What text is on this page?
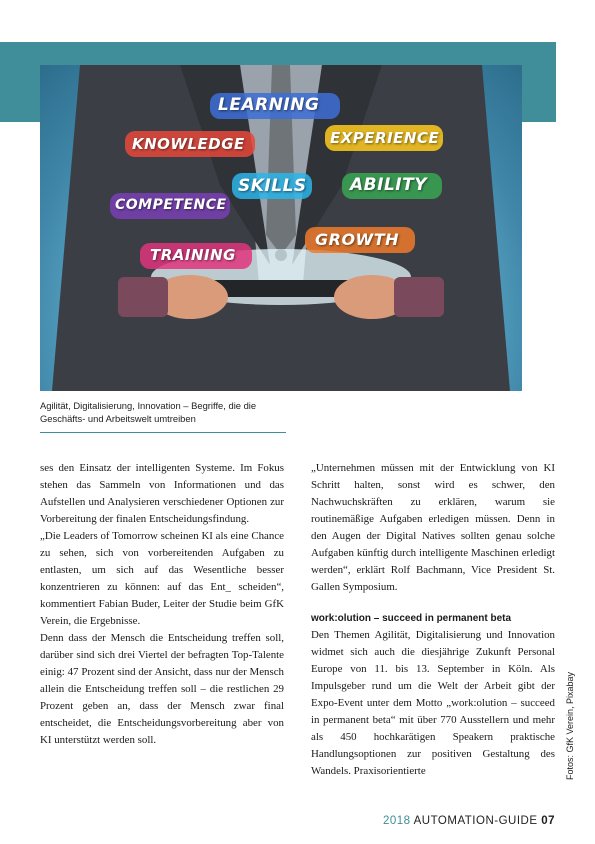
LEARNING
KNOWLEDGE	EXPERIENCE
SKILLS	ABILITY
COMPETENCE
TRAINING
GROWTH
Agilität, Digitalisierung, Innovation – Begriffe, die die Geschäfts- und Arbeitswelt umtreiben

ses den Einsatz der intelligenten Systeme. Im Fokus stehen das Sammeln von Informationen und das Aufstellen und Analysieren verschiedener Optionen zur Vorbereitung der finalen Entscheidungsfindung.

„Die Leaders of Tomorrow scheinen KI als eine Chance zu sehen, sich von vorbereitenden Aufgaben zu entlasten, um sich auf das Wesentliche besser konzentrieren zu können: auf das Ent_ scheiden“, kommentiert Fabian Buder, Leiter der Studie beim GfK Verein, die Ergebnisse.

Denn dass der Mensch die Entscheidung treffen soll, darüber sind sich drei Viertel der befragten Top-Talente einig: 47 Prozent sind der Ansicht, dass nur der Mensch allein die Entscheidung treffen soll – die restlichen 29 Prozent geben an, dass der Mensch zwar final entscheidet, die Entscheidungsvorbereitung aber von KI unterstützt werden soll.

„Unternehmen müssen mit der Entwicklung von KI Schritt halten, sonst wird es schwer, den Nachwuchskräften zu erklären, warum sie routinemäßige Aufgaben erledigen müssen. Denn in den Augen der Digital Natives sollten genau solche Aufgaben künftig durch intelligente Maschinen erledigt werden“, erklärt Rolf Bachmann, Vice President St. Gallen Symposium.

work:olution – succeed in permanent beta

Den Themen Agilität, Digitalisierung und Innovation widmet sich auch die diesjährige Zukunft Personal Europe von 11. bis 13. September in Köln. Als Impulsgeber rund um die Welt der Arbeit gibt der Expo-Event unter dem Motto „work:olution – succeed in permanent beta“ mit über 770 Ausstellern und mehr als 450 hochkarätigen Speakern praktische Handlungsoptionen zur positiven Gestaltung des Wandels. Praxisorientierte	Fotos: GfK Verein, Pixabay
2018 AUTOMATION-GUIDE 07
